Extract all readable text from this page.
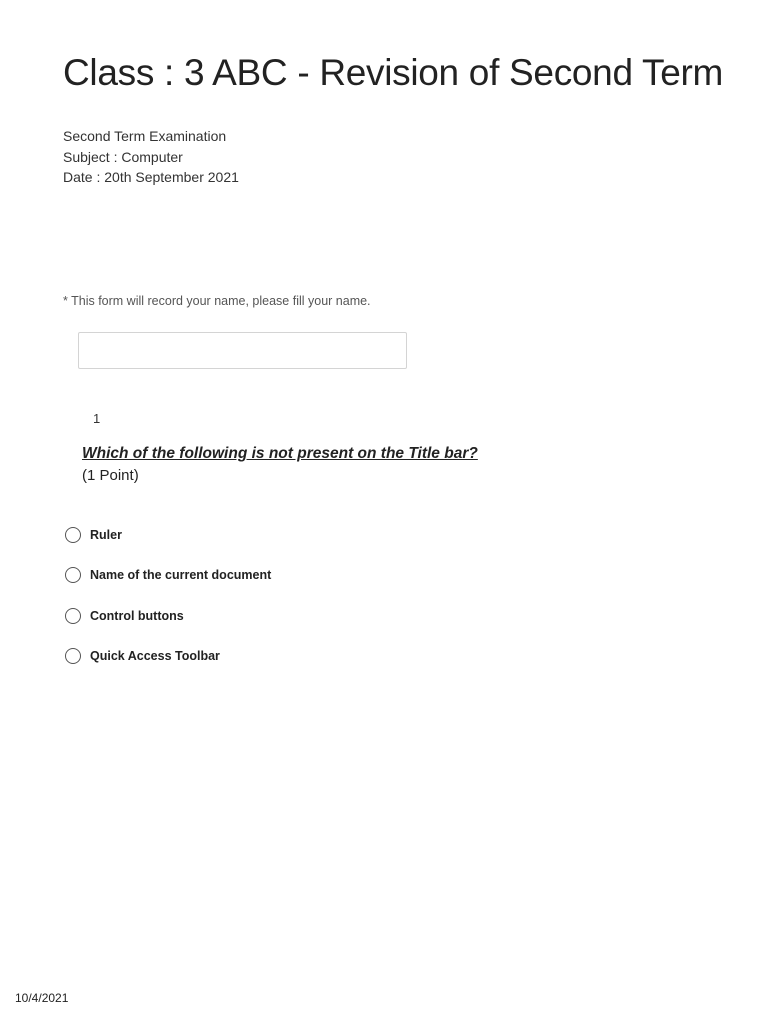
Class : 3 ABC - Revision of Second Term
Second Term Examination
Subject : Computer
Date : 20th September 2021
* This form will record your name, please fill your name.
1
Which of the following is not present on the Title bar?
(1 Point)
Ruler
Name of the current document
Control buttons
Quick Access Toolbar
10/4/2021
